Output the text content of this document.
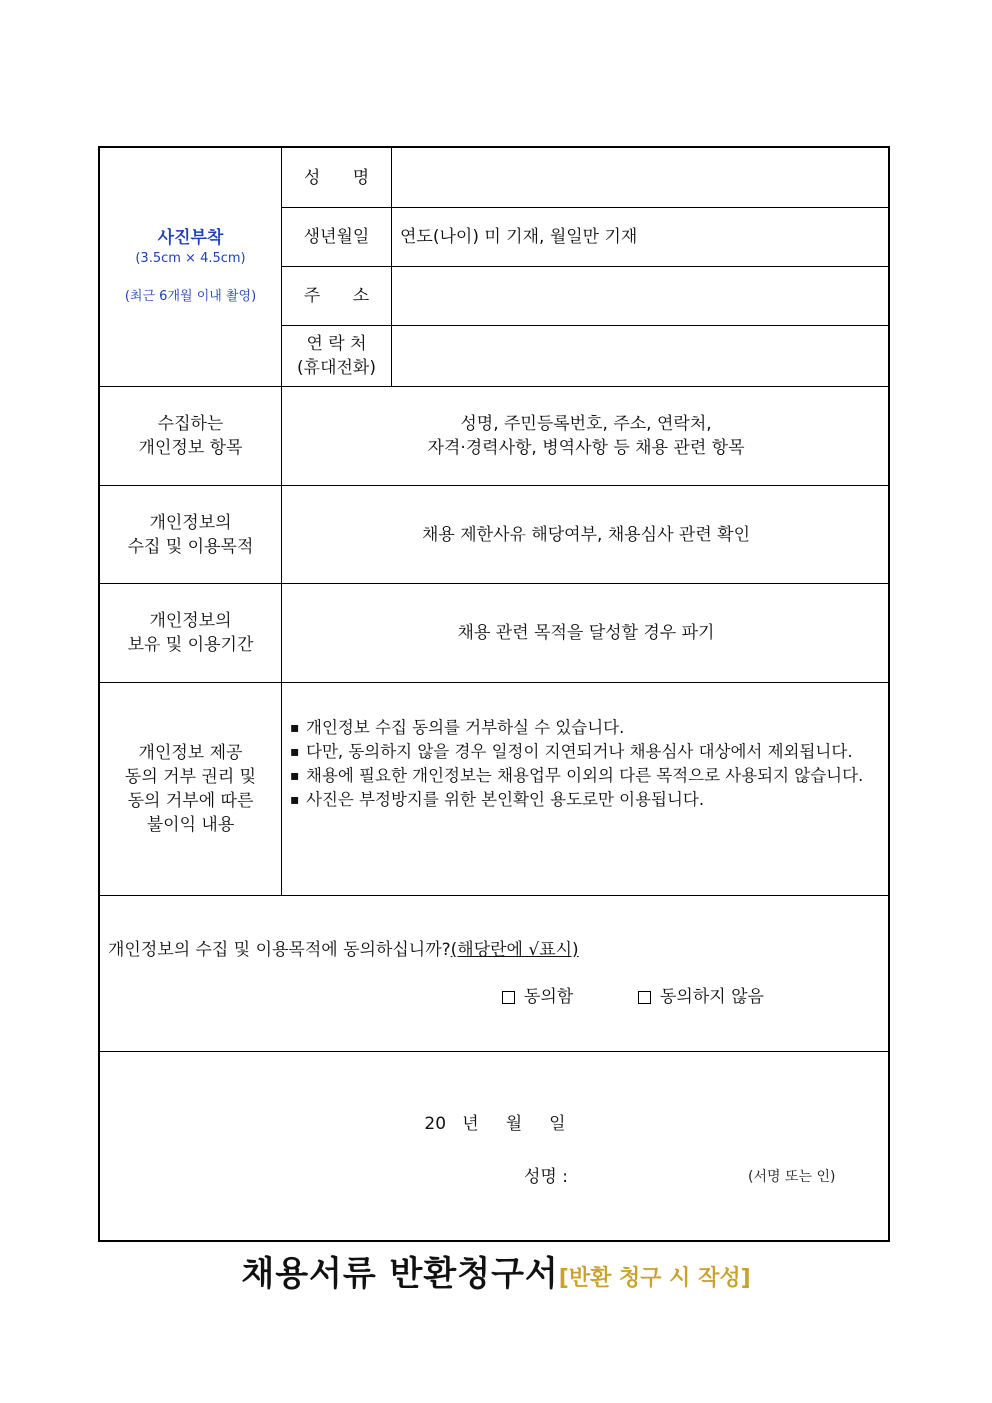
사진부착
(3.5cm × 4.5cm)
(최근 6개월 이내 촬영)
성      명
생년월일
주      소
연 락 처
(휴대전화)
연도(나이) 미 기재, 월일만 기재
수집하는
개인정보 항목
성명, 주민등록번호, 주소, 연락처,
자격·경력사항, 병역사항 등 채용 관련 항목
개인정보의
수집 및 이용목적
채용 제한사유 해당여부, 채용심사 관련 확인
개인정보의
보유 및 이용기간
채용 관련 목적을 달성할 경우 파기
개인정보 제공
동의 거부 권리 및
동의 거부에 따른
불이익 내용
▪ 개인정보 수집 동의를 거부하실 수 있습니다.
▪ 다만, 동의하지 않을 경우 일정이 지연되거나 채용심사 대상에서 제외됩니다.
▪ 채용에 필요한 개인정보는 채용업무 이외의 다른 목적으로 사용되지 않습니다.
▪ 사진은 부정방지를 위한 본인확인 용도로만 이용됩니다.
개인정보의 수집 및 이용목적에 동의하십니까?(해당란에 √표시)
동의함	동의하지 않음
20   년     월     일
성명 :	(서명 또는 인)
채용서류 반환청구서[반환 청구 시 작성]
